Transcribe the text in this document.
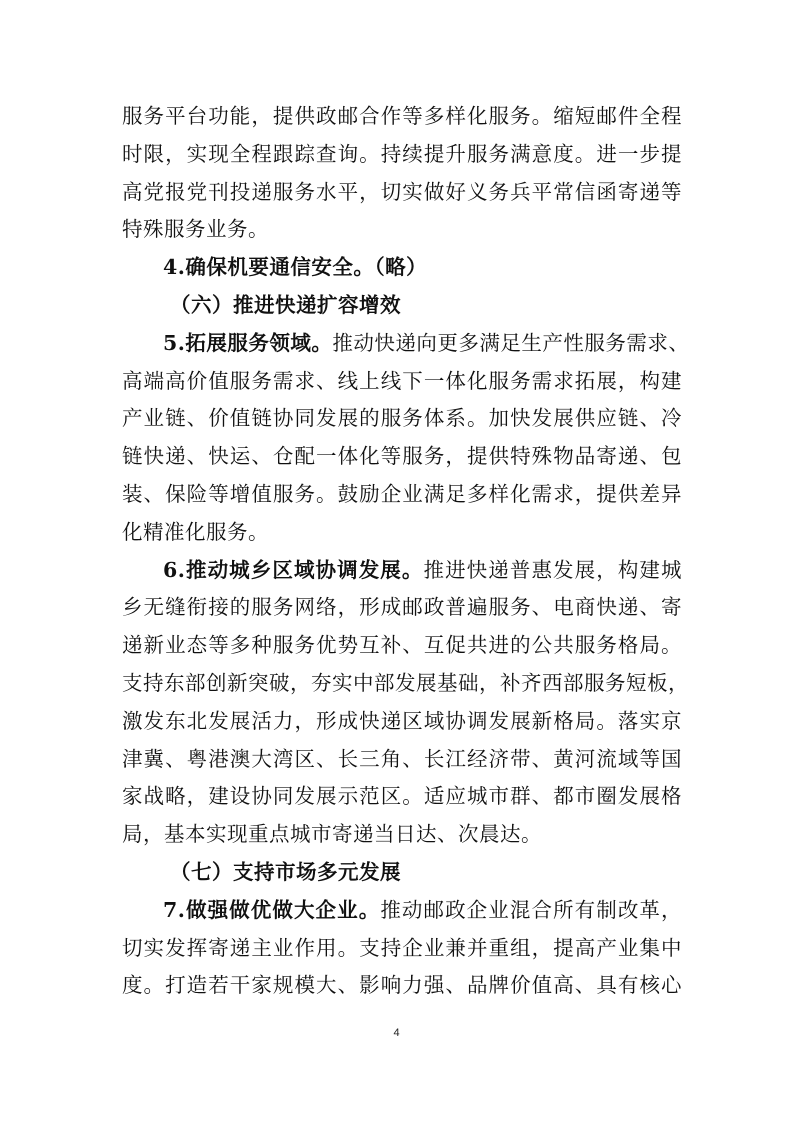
服务平台功能，提供政邮合作等多样化服务。缩短邮件全程
时限，实现全程跟踪查询。持续提升服务满意度。进一步提
高党报党刊投递服务水平，切实做好义务兵平常信函寄递等
特殊服务业务。
4.确保机要通信安全。（略）
（六）推进快递扩容增效
5.拓展服务领域。推动快递向更多满足生产性服务需求、
高端高价值服务需求、线上线下一体化服务需求拓展，构建
产业链、价值链协同发展的服务体系。加快发展供应链、冷
链快递、快运、仓配一体化等服务，提供特殊物品寄递、包
装、保险等增值服务。鼓励企业满足多样化需求，提供差异
化精准化服务。
6.推动城乡区域协调发展。推进快递普惠发展，构建城
乡无缝衔接的服务网络，形成邮政普遍服务、电商快递、寄
递新业态等多种服务优势互补、互促共进的公共服务格局。
支持东部创新突破，夯实中部发展基础，补齐西部服务短板，
激发东北发展活力，形成快递区域协调发展新格局。落实京
津冀、粤港澳大湾区、长三角、长江经济带、黄河流域等国
家战略，建设协同发展示范区。适应城市群、都市圈发展格
局，基本实现重点城市寄递当日达、次晨达。
（七）支持市场多元发展
7.做强做优做大企业。推动邮政企业混合所有制改革，
切实发挥寄递主业作用。支持企业兼并重组，提高产业集中
度。打造若干家规模大、影响力强、品牌价值高、具有核心
4
